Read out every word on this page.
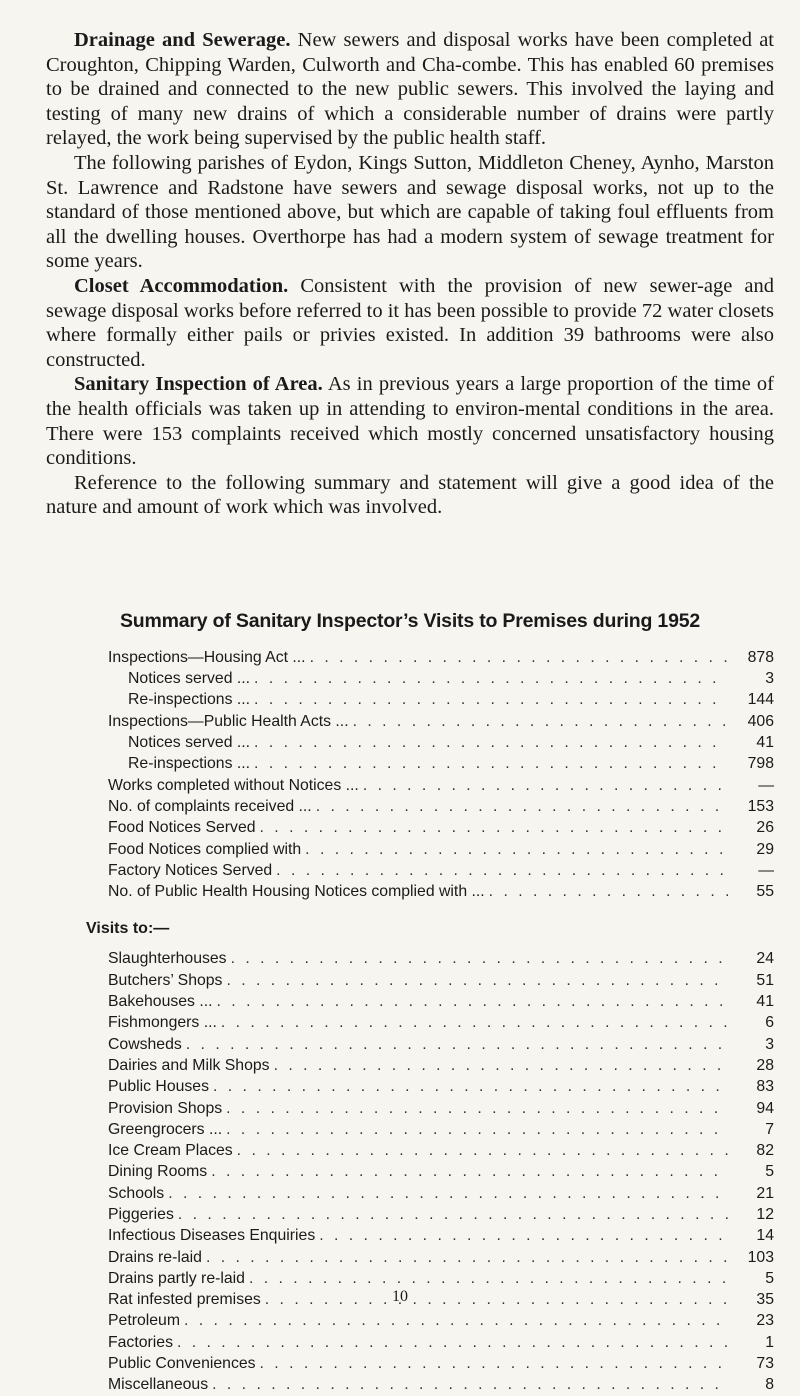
Drainage and Sewerage. New sewers and disposal works have been completed at Croughton, Chipping Warden, Culworth and Cha-combe. This has enabled 60 premises to be drained and connected to the new public sewers. This involved the laying and testing of many new drains of which a considerable number of drains were partly relayed, the work being supervised by the public health staff.

The following parishes of Eydon, Kings Sutton, Middleton Cheney, Aynho, Marston St. Lawrence and Radstone have sewers and sewage disposal works, not up to the standard of those mentioned above, but which are capable of taking foul effluents from all the dwelling houses. Overthorpe has had a modern system of sewage treatment for some years.

Closet Accommodation. Consistent with the provision of new sewer-age and sewage disposal works before referred to it has been possible to provide 72 water closets where formally either pails or privies existed. In addition 39 bathrooms were also constructed.

Sanitary Inspection of Area. As in previous years a large proportion of the time of the health officials was taken up in attending to environ-mental conditions in the area. There were 153 complaints received which mostly concerned unsatisfactory housing conditions.

Reference to the following summary and statement will give a good idea of the nature and amount of work which was involved.

Summary of Sanitary Inspector’s Visits to Premises during 1952
Inspections—Housing Act ... . . .	878
Notices served ... . . .	3
Re-inspections ... . . .	144
Inspections—Public Health Acts ... . . .	406
Notices served ... . . .	41
Re-inspections ... . . .	798
Works completed without Notices ... . . .	—
No. of complaints received ... . . .	153
Food Notices Served . . .	26
Food Notices complied with . . .	29
Factory Notices Served . . .	—
No. of Public Health Housing Notices complied with ... . . .	55
Visits to:—
Slaughterhouses . . .	24
Butchers’ Shops . . .	51
Bakehouses ... . . .	41
Fishmongers ... . . .	6
Cowsheds . . .	3
Dairies and Milk Shops . . .	28
Public Houses . . .	83
Provision Shops . . .	94
Greengrocers ... . . .	7
Ice Cream Places . . .	82
Dining Rooms . . .	5
Schools . . .	21
Piggeries . . .	12
Infectious Diseases Enquiries . . .	14
Drains re-laid . . .	103
Drains partly re-laid . . .	5
Rat infested premises . . .	35
Petroleum . . .	23
Factories . . .	1
Public Conveniences . . .	73
Miscellaneous . . .	8
10
